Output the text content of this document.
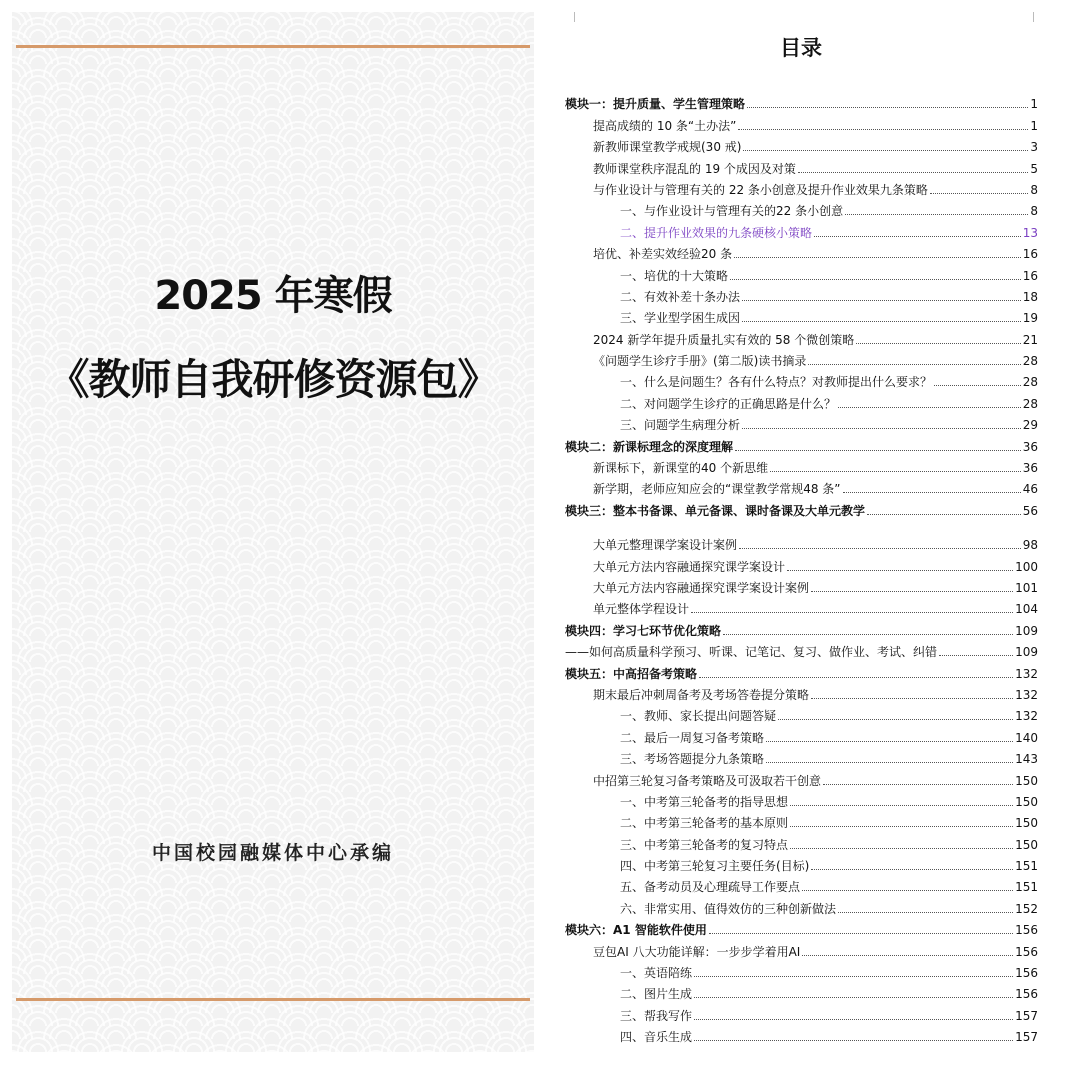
2025 年寒假
《教师自我研修资源包》
中国校园融媒体中心承编
目录
模块一：提升质量、学生管理策略	1
提高成绩的 10 条“土办法”	1
新教师课堂教学戒规(30 戒)	3
教师课堂秩序混乱的 19 个成因及对策	5
与作业设计与管理有关的 22 条小创意及提升作业效果九条策略	8
一、与作业设计与管理有关的22 条小创意	8
二、提升作业效果的九条硬核小策略	13
培优、补差实效经验20 条	16
一、培优的十大策略	16
二、有效补差十条办法	18
三、学业型学困生成因	19
2024 新学年提升质量扎实有效的 58 个微创策略	21
《问题学生诊疗手册》(第二版)读书摘录	28
一、什么是问题生？各有什么特点？对教师提出什么要求？	28
二、对问题学生诊疗的正确思路是什么？	28
三、问题学生病理分析	29
模块二：新课标理念的深度理解	36
新课标下，新课堂的40 个新思维	36
新学期，老师应知应会的“课堂教学常规48 条”	46
模块三：整本书备课、单元备课、课时备课及大单元教学	56
大单元整理课学案设计案例	98
大单元方法内容融通探究课学案设计	100
大单元方法内容融通探究课学案设计案例	101
单元整体学程设计	104
模块四：学习七环节优化策略	109
——如何高质量科学预习、听课、记笔记、复习、做作业、考试、纠错	109
模块五：中高招备考策略	132
期末最后冲刺周备考及考场答卷提分策略	132
一、教师、家长提出问题答疑	132
二、最后一周复习备考策略	140
三、考场答题提分九条策略	143
中招第三轮复习备考策略及可汲取若干创意	150
一、中考第三轮备考的指导思想	150
二、中考第三轮备考的基本原则	150
三、中考第三轮备考的复习特点	150
四、中考第三轮复习主要任务(目标)	151
五、备考动员及心理疏导工作要点	151
六、非常实用、值得效仿的三种创新做法	152
模块六：A1 智能软件使用	156
豆包AI 八大功能详解：一步步学着用AI	156
一、英语陪练	156
二、图片生成	156
三、帮我写作	157
四、音乐生成	157
